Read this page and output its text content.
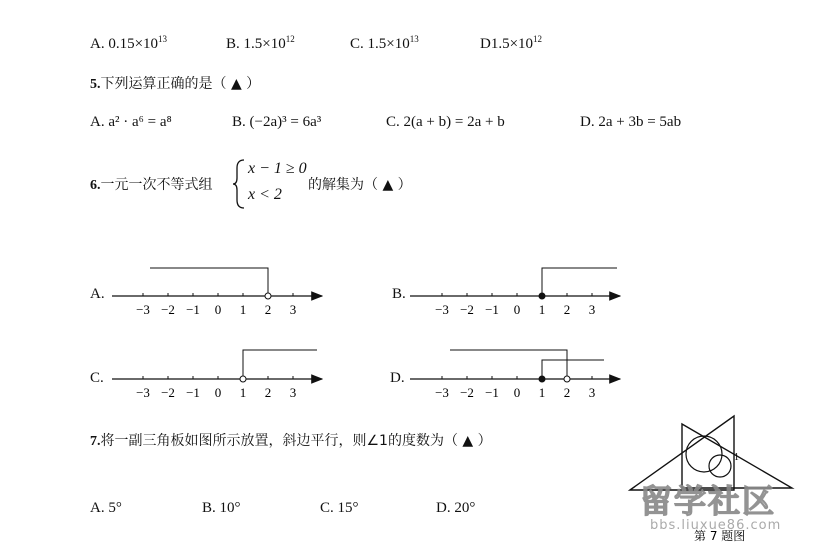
A. $0.15\times 10^{13}$	B. $1.5\times 10^{12}$	C. $1.5\times 10^{13}$	$D1.5\times 10^{12}$
5.下列运算正确的是（ ▲ ）
A. a² · a⁶ = a⁸	B. (−2a)³ = 6a³	C. 2(a + b) = 2a + b	D. 2a + 3b = 5ab
6.一元一次不等式组
x − 1 ≥ 0
x < 2
的解集为（ ▲ ）
A.	B.
C.	D.
−3 −2 −1 0 1 2 3	−3 −2 −1 0 1 2 3
−3 −2 −1 0 1 2 3	−3 −2 −1 0 1 2 3
7.将一副三角板如图所示放置，斜边平行，则∠1的度数为（ ▲ ）
A. 5°	B. 10°	C. 15°	D. 20°
1
第 7 题图
留学社区
bbs.liuxue86.com
